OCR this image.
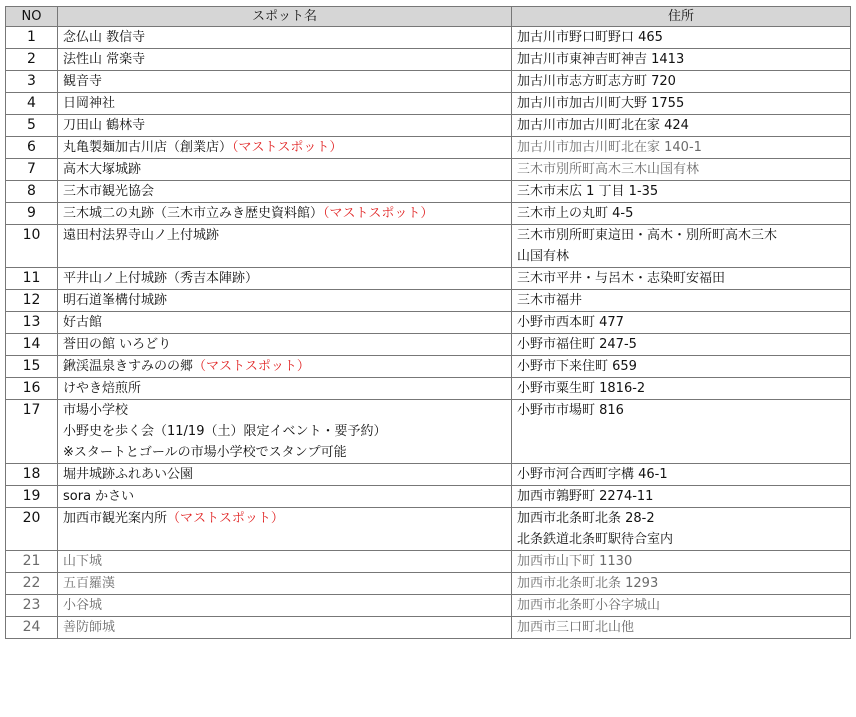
NO	スポット名	住所
1	念仏山 教信寺	加古川市野口町野口 465

2	法性山 常楽寺	加古川市東神吉町神吉 1413

3	観音寺	加古川市志方町志方町 720

4	日岡神社	加古川市加古川町大野 1755

5	刀田山 鶴林寺	加古川市加古川町北在家 424

6	丸亀製麺加古川店（創業店）（マストスポット）	加古川市加古川町北在家 140-1

7	高木大塚城跡	三木市別所町高木三木山国有林

8	三木市観光協会	三木市末広 1 丁目 1-35

9	三木城二の丸跡（三木市立みき歴史資料館）（マストスポット）	三木市上の丸町 4-5

10	遠田村法界寺山ノ上付城跡	三木市別所町東這田・高木・別所町高木三木
山国有林

11	平井山ノ上付城跡（秀吉本陣跡）	三木市平井・与呂木・志染町安福田

12	明石道峯構付城跡	三木市福井

13	好古館	小野市西本町 477

14	誉田の館 いろどり	小野市福住町 247-5

15	鍬渓温泉きすみのの郷（マストスポット）	小野市下来住町 659

16	けやき焙煎所	小野市粟生町 1816-2

17	市場小学校
小野史を歩く会（11/19（土）限定イベント・要予約）
※スタートとゴールの市場小学校でスタンプ可能	小野市市場町 816

18	堀井城跡ふれあい公園	小野市河合西町字構 46-1

19	sora かさい	加西市鶉野町 2274-11

20	加西市観光案内所（マストスポット）	加西市北条町北条 28-2
北条鉄道北条町駅待合室内

21	山下城	加西市山下町 1130

22	五百羅漢	加西市北条町北条 1293

23	小谷城	加西市北条町小谷字城山

24	善防師城	加西市三口町北山他
